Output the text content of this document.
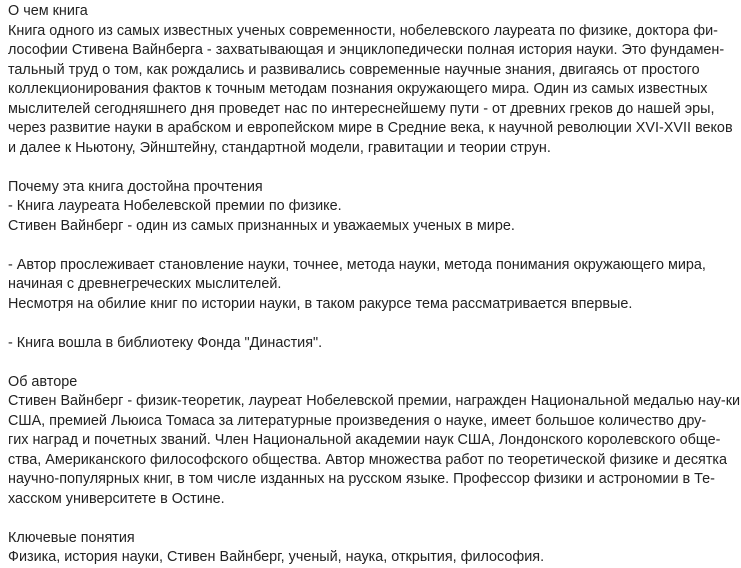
О чем книга
Книга одного из самых известных ученых современности, нобелевского лауреата по физике, доктора фи-
лософии Стивена Вайнберга - захватывающая и энциклопедически полная история науки. Это фундамен-
тальный труд о том, как рождались и развивались современные научные знания, двигаясь от простого
коллекционирования фактов к точным методам познания окружающего мира. Один из самых известных
мыслителей сегодняшнего дня проведет нас по интереснейшему пути - от древних греков до нашей эры,
через развитие науки в арабском и европейском мире в Средние века, к научной революции XVI-XVII веков
и далее к Ньютону, Эйнштейну, стандартной модели, гравитации и теории струн.
Почему эта книга достойна прочтения
- Книга лауреата Нобелевской премии по физике.
Стивен Вайнберг - один из самых признанных и уважаемых ученых в мире.
- Автор прослеживает становление науки, точнее, метода науки, метода понимания окружающего мира,
начиная с древнегреческих мыслителей.
Несмотря на обилие книг по истории науки, в таком ракурсе тема рассматривается впервые.
- Книга вошла в библиотеку Фонда "Династия".
Об авторе
Стивен Вайнберг - физик-теоретик, лауреат Нобелевской премии, награжден Национальной медалью нау-ки
США, премией Льюиса Томаса за литературные произведения о науке, имеет большое количество дру-
гих наград и почетных званий. Член Национальной академии наук США, Лондонского королевского обще-
ства, Американского философского общества. Автор множества работ по теоретической физике и десятка
научно-популярных книг, в том числе изданных на русском языке. Профессор физики и астрономии в Те-
хасском университете в Остине.
Ключевые понятия
Физика, история науки, Стивен Вайнберг, ученый, наука, открытия, философия.
